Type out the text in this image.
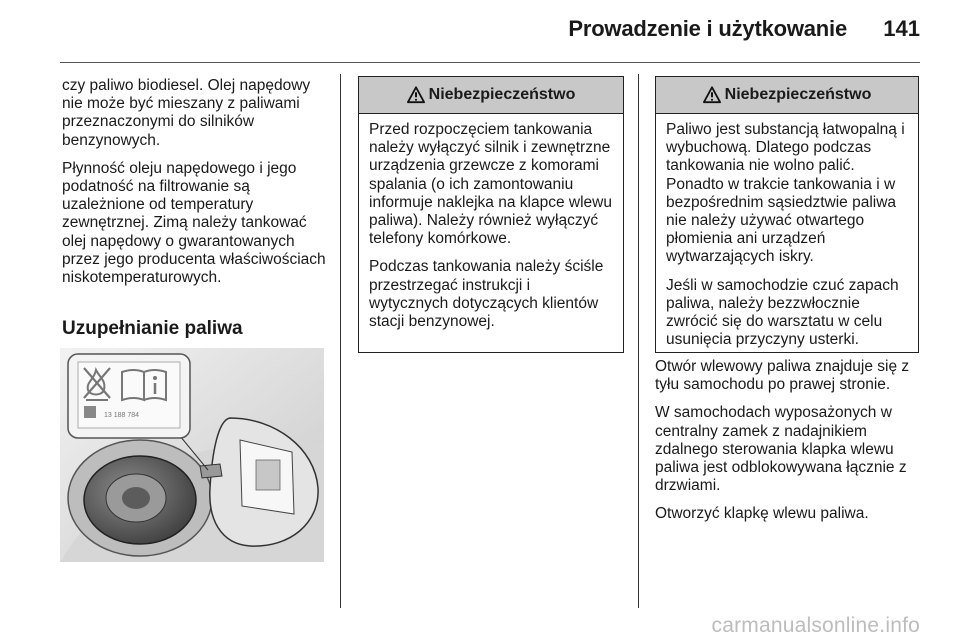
Prowadzenie i użytkowanie 141

czy paliwo biodiesel. Olej napędowy nie może być mieszany z paliwami przeznaczonymi do silników benzynowych.

Płynność oleju napędowego i jego podatność na filtrowanie są uzależnione od temperatury zewnętrznej. Zimą należy tankować olej napędowy o gwarantowanych przez jego producenta właściwościach niskotemperaturowych.

Uzupełnianie paliwa
13 188 784
Niebezpieczeństwo

Przed rozpoczęciem tankowania należy wyłączyć silnik i zewnętrzne urządzenia grzewcze z komorami spalania (o ich zamontowaniu informuje naklejka na klapce wlewu paliwa). Należy również wyłączyć telefony komórkowe.

Podczas tankowania należy ściśle przestrzegać instrukcji i wytycznych dotyczących klientów stacji benzynowej.

Niebezpieczeństwo

Paliwo jest substancją łatwopalną i wybuchową. Dlatego podczas tankowania nie wolno palić. Ponadto w trakcie tankowania i w bezpośrednim sąsiedztwie paliwa nie należy używać otwartego płomienia ani urządzeń wytwarzających iskry.

Jeśli w samochodzie czuć zapach paliwa, należy bezzwłocznie zwrócić się do warsztatu w celu usunięcia przyczyny usterki.

Otwór wlewowy paliwa znajduje się z tyłu samochodu po prawej stronie.

W samochodach wyposażonych w centralny zamek z nadajnikiem zdalnego sterowania klapka wlewu paliwa jest odblokowywana łącznie z drzwiami.

Otworzyć klapkę wlewu paliwa.

carmanualsonline.info
